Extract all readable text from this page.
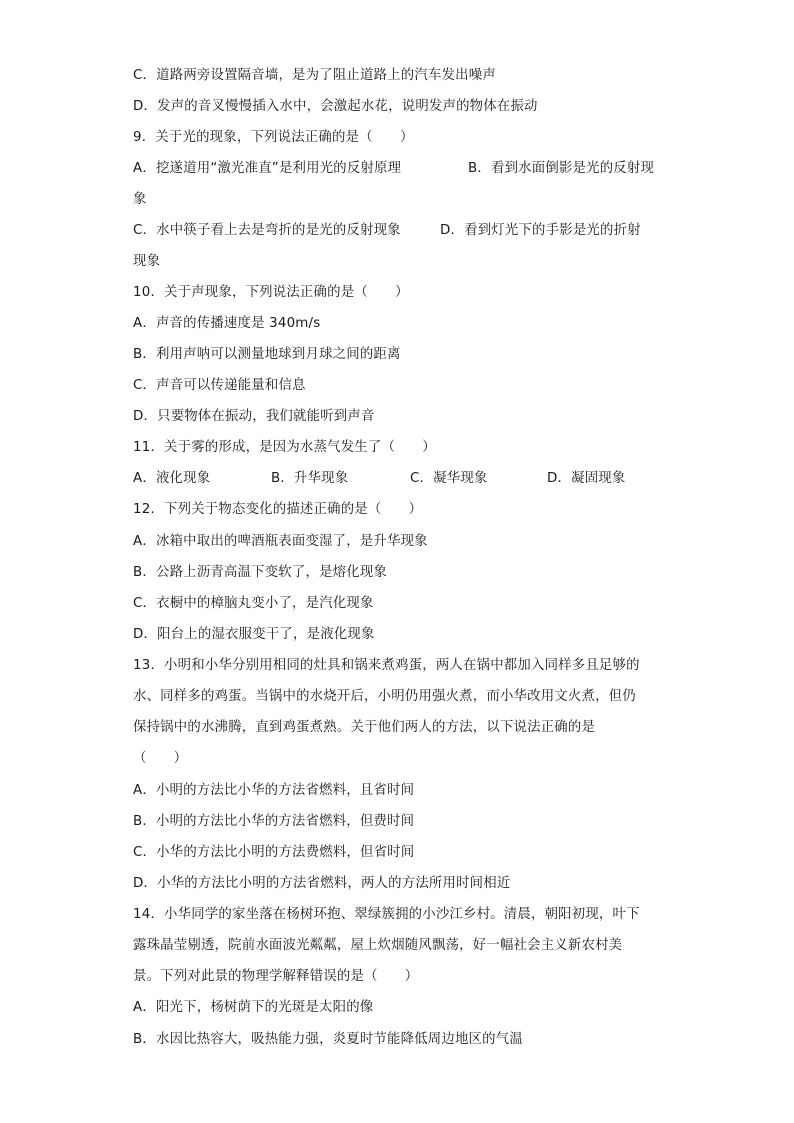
C．道路两旁设置隔音墙，是为了阻止道路上的汽车发出噪声
D．发声的音叉慢慢插入水中，会激起水花，说明发声的物体在振动
9．关于光的现象，下列说法正确的是（　　）
A．挖遂道用“激光准直”是利用光的反射原理	B．看到水面倒影是光的反射现
象
C．水中筷子看上去是弯折的是光的反射现象	D．看到灯光下的手影是光的折射
现象
10．关于声现象，下列说法正确的是（　　）
A．声音的传播速度是 340m/s
B．利用声呐可以测量地球到月球之间的距离
C．声音可以传递能量和信息
D．只要物体在振动，我们就能听到声音
11．关于雾的形成，是因为水蒸气发生了（　　）
A．液化现象	B．升华现象	C．凝华现象	D．凝固现象
12．下列关于物态变化的描述正确的是（　　）
A．冰箱中取出的啤酒瓶表面变湿了，是升华现象
B．公路上沥青高温下变软了，是熔化现象
C．衣橱中的樟脑丸变小了，是汽化现象
D．阳台上的湿衣服变干了，是液化现象
13．小明和小华分别用相同的灶具和锅来煮鸡蛋，两人在锅中都加入同样多且足够的
水、同样多的鸡蛋。当锅中的水烧开后，小明仍用强火煮，而小华改用文火煮，但仍
保持锅中的水沸腾，直到鸡蛋煮熟。关于他们两人的方法，以下说法正确的是
（　　）
A．小明的方法比小华的方法省燃料，且省时间
B．小明的方法比小华的方法省燃料，但费时间
C．小华的方法比小明的方法费燃料，但省时间
D．小华的方法比小明的方法省燃料，两人的方法所用时间相近
14．小华同学的家坐落在杨树环抱、翠绿簇拥的小沙江乡村。清晨，朝阳初现，叶下
露珠晶莹剔透，院前水面波光粼粼，屋上炊烟随风飘荡，好一幅社会主义新农村美
景。下列对此景的物理学解释错误的是（　　）
A．阳光下，杨树荫下的光斑是太阳的像
B．水因比热容大，吸热能力强，炎夏时节能降低周边地区的气温
